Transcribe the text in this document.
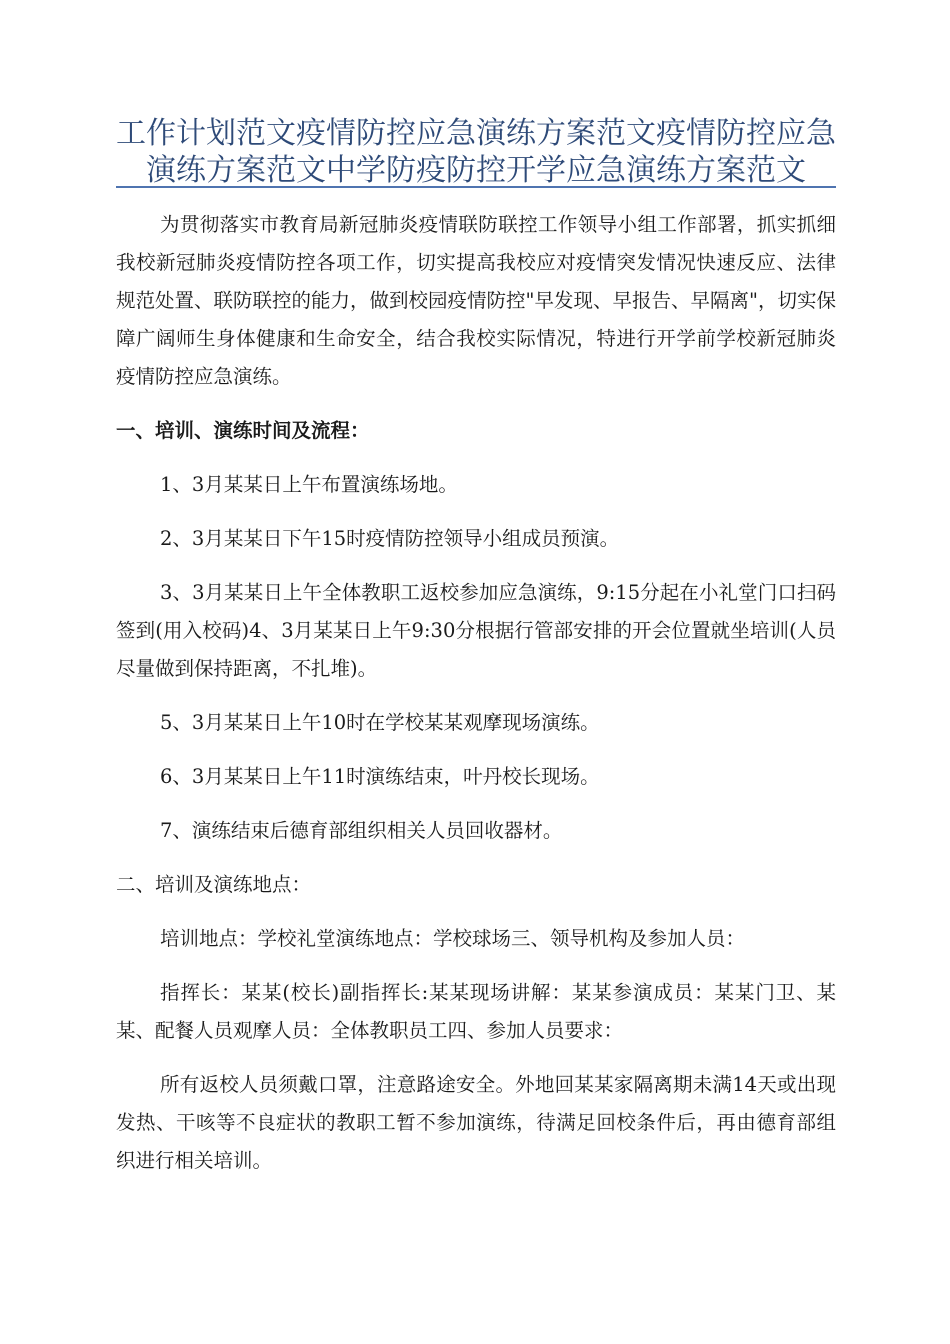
工作计划范文疫情防控应急演练方案范文疫情防控应急演练方案范文中学防疫防控开学应急演练方案范文

为贯彻落实市教育局新冠肺炎疫情联防联控工作领导小组工作部署，抓实抓细我校新冠肺炎疫情防控各项工作，切实提高我校应对疫情突发情况快速反应、法律规范处置、联防联控的能力，做到校园疫情防控"早发现、早报告、早隔离"，切实保障广阔师生身体健康和生命安全，结合我校实际情况，特进行开学前学校新冠肺炎疫情防控应急演练。

一、培训、演练时间及流程：

1、3月某某日上午布置演练场地。

2、3月某某日下午15时疫情防控领导小组成员预演。

3、3月某某日上午全体教职工返校参加应急演练，9:15分起在小礼堂门口扫码签到(用入校码)4、3月某某日上午9:30分根据行管部安排的开会位置就坐培训(人员尽量做到保持距离，不扎堆)。

5、3月某某日上午10时在学校某某观摩现场演练。

6、3月某某日上午11时演练结束，叶丹校长现场。

7、演练结束后德育部组织相关人员回收器材。

二、培训及演练地点：

培训地点：学校礼堂演练地点：学校球场三、领导机构及参加人员：

指挥长：某某(校长)副指挥长:某某现场讲解：某某参演成员：某某门卫、某某、配餐人员观摩人员：全体教职员工四、参加人员要求：

所有返校人员须戴口罩，注意路途安全。外地回某某家隔离期未满14天或出现发热、干咳等不良症状的教职工暂不参加演练，待满足回校条件后，再由德育部组织进行相关培训。
